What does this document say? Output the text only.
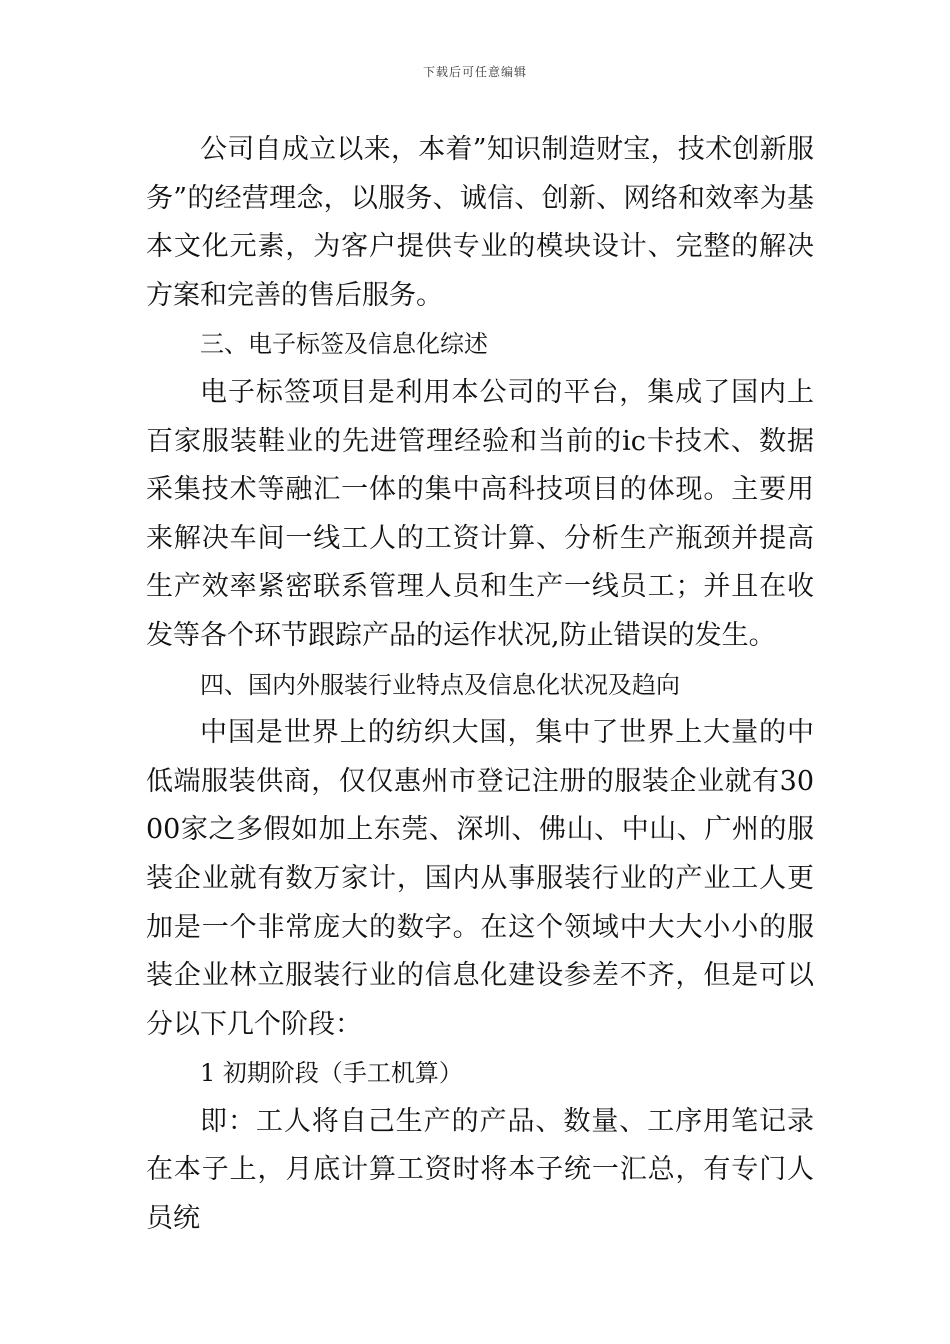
下载后可任意编辑

公司自成立以来，本着”知识制造财宝，技术创新服务”的经营理念，以服务、诚信、创新、网络和效率为基本文化元素，为客户提供专业的模块设计、完整的解决方案和完善的售后服务。

三、电子标签及信息化综述

电子标签项目是利用本公司的平台，集成了国内上百家服装鞋业的先进管理经验和当前的ic卡技术、数据采集技术等融汇一体的集中高科技项目的体现。主要用来解决车间一线工人的工资计算、分析生产瓶颈并提高生产效率紧密联系管理人员和生产一线员工；并且在收发等各个环节跟踪产品的运作状况,防止错误的发生。

四、国内外服装行业特点及信息化状况及趋向

中国是世界上的纺织大国，集中了世界上大量的中低端服装供商，仅仅惠州市登记注册的服装企业就有3000家之多假如加上东莞、深圳、佛山、中山、广州的服装企业就有数万家计，国内从事服装行业的产业工人更加是一个非常庞大的数字。在这个领域中大大小小的服装企业林立服装行业的信息化建设参差不齐，但是可以分以下几个阶段：

1 初期阶段（手工机算）

即：工人将自己生产的产品、数量、工序用笔记录在本子上，月底计算工资时将本子统一汇总，有专门人员统
